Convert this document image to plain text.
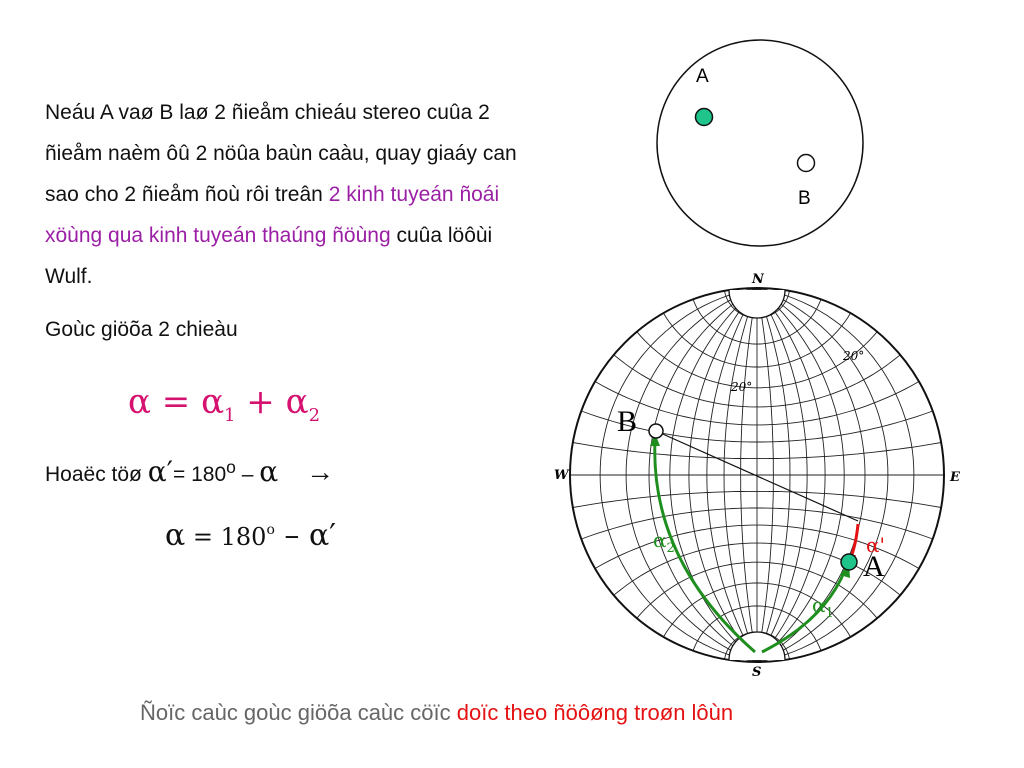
Neáu A vaø B laø 2 ñieåm chieáu stereo cuûa 2 ñieåm naèm ôû 2 nöûa baùn caàu, quay giaáy can sao cho 2 ñieåm ñoù rôi treân 2 kinh tuyeán ñoái xöùng qua kinh tuyeán thaúng ñöùng cuûa löôùi Wulf.
Goùc giöõa 2 chieàu
$\alpha = \alpha_1 + \alpha_2$
Hoaëc töø $\alpha'= 180^o - \alpha$ →
$\alpha = 180^o - \alpha'$
A
B
N
S
W	E
20°
20°
B
A
$\alpha_2$
$\alpha_1$
α'
Ñoïc caùc goùc giöõa caùc cöïc doïc theo ñöôøng troøn lôùn
